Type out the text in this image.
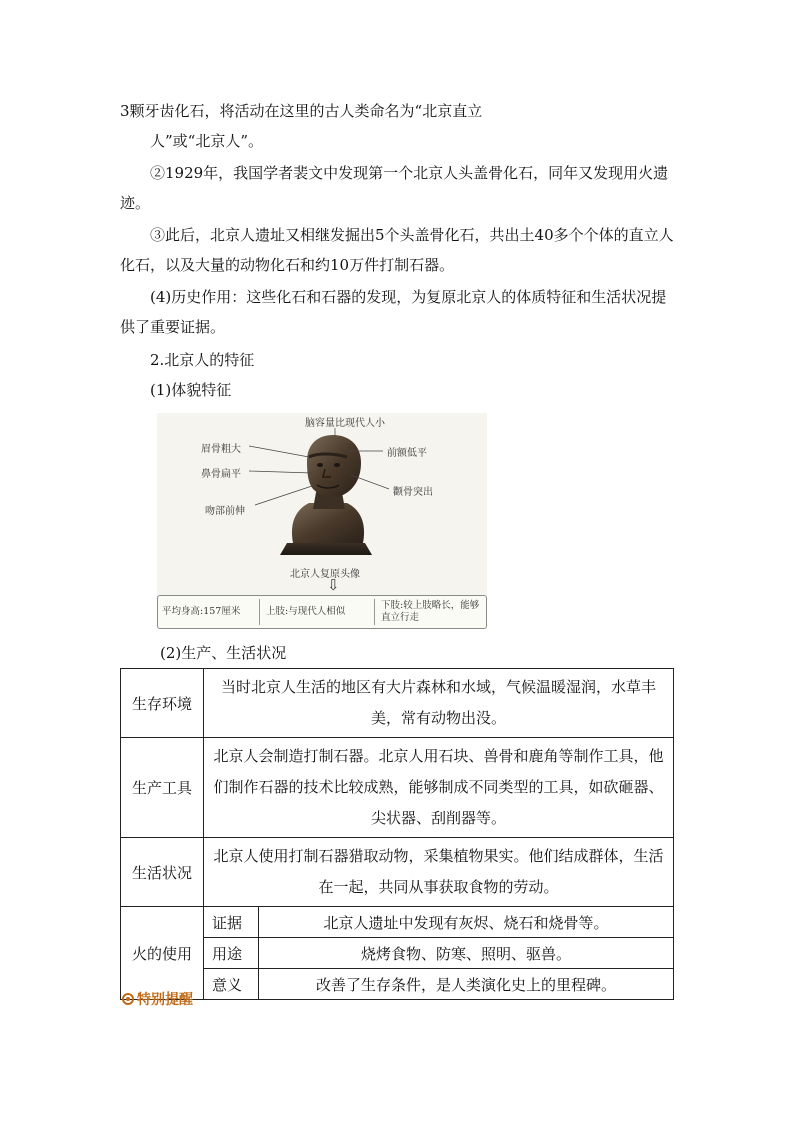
3颗牙齿化石，将活动在这里的古人类命名为“北京直立

人”或“北京人”。

②1929年，我国学者裴文中发现第一个北京人头盖骨化石，同年又发现用火遗迹。

③此后，北京人遗址又相继发掘出5个头盖骨化石，共出土40多个个体的直立人化石，以及大量的动物化石和约10万件打制石器。

(4)历史作用：这些化石和石器的发现，为复原北京人的体质特征和生活状况提供了重要证据。

2.北京人的特征

(1)体貌特征

脑容量比现代人小
眉骨粗大	前额低平
鼻骨扁平
颧骨突出
吻部前伸
北京人复原头像
⇩
平均身高:157厘米	上肢:与现代人相似
下肢:较上肢略长，能够直立行走

(2)生产、生活状况

生存环境	当时北京人生活的地区有大片森林和水域，气候温暖湿润，水草丰美，常有动物出没。	
生产工具	北京人会制造打制石器。北京人用石块、兽骨和鹿角等制作工具，他们制作石器的技术比较成熟，能够制成不同类型的工具，如砍砸器、尖状器、刮削器等。	
生活状况	北京人使用打制石器猎取动物，采集植物果实。他们结成群体，生活在一起，共同从事获取食物的劳动。	
火的使用	证据	北京人遗址中发现有灰烬、烧石和烧骨等。
	用途	烧烤食物、防寒、照明、驱兽。
	意义	改善了生存条件，是人类演化史上的里程碑。
特别提醒
